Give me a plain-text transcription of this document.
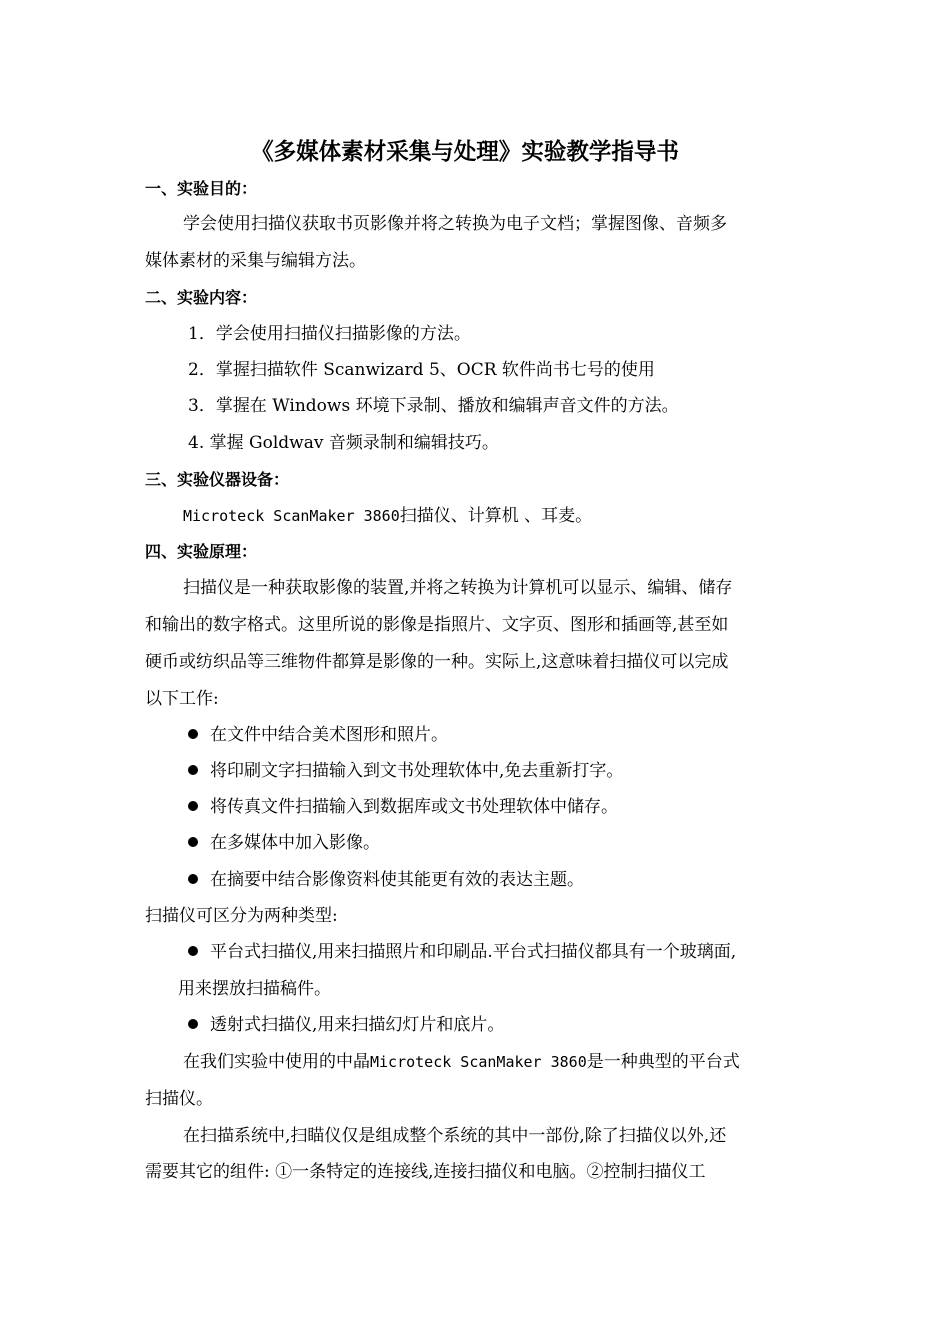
《多媒体素材采集与处理》实验教学指导书
一、实验目的：
学会使用扫描仪获取书页影像并将之转换为电子文档；掌握图像、音频多
媒体素材的采集与编辑方法。
二、实验内容：
1．学会使用扫描仪扫描影像的方法。
2．掌握扫描软件 Scanwizard 5、OCR 软件尚书七号的使用
3．掌握在 Windows 环境下录制、播放和编辑声音文件的方法。
4. 掌握 Goldwav 音频录制和编辑技巧。
三、实验仪器设备：
Microteck ScanMaker 3860扫描仪、计算机 、耳麦。
四、实验原理：
扫描仪是一种获取影像的装置,并将之转换为计算机可以显示、编辑、储存
和输出的数字格式。这里所说的影像是指照片、文字页、图形和插画等,甚至如
硬币或纺织品等三维物件都算是影像的一种。实际上,这意味着扫描仪可以完成
以下工作:
在文件中结合美术图形和照片。
将印刷文字扫描输入到文书处理软体中,免去重新打字。
将传真文件扫描输入到数据库或文书处理软体中储存。
在多媒体中加入影像。
在摘要中结合影像资料使其能更有效的表达主题。
扫描仪可区分为两种类型:
平台式扫描仪,用来扫描照片和印刷品.平台式扫描仪都具有一个玻璃面,
用来摆放扫描稿件。
透射式扫描仪,用来扫描幻灯片和底片。
在我们实验中使用的中晶Microteck ScanMaker 3860是一种典型的平台式
扫描仪。
在扫描系统中,扫瞄仪仅是组成整个系统的其中一部份,除了扫描仪以外,还
需要其它的组件: ①一条特定的连接线,连接扫描仪和电脑。②控制扫描仪工
